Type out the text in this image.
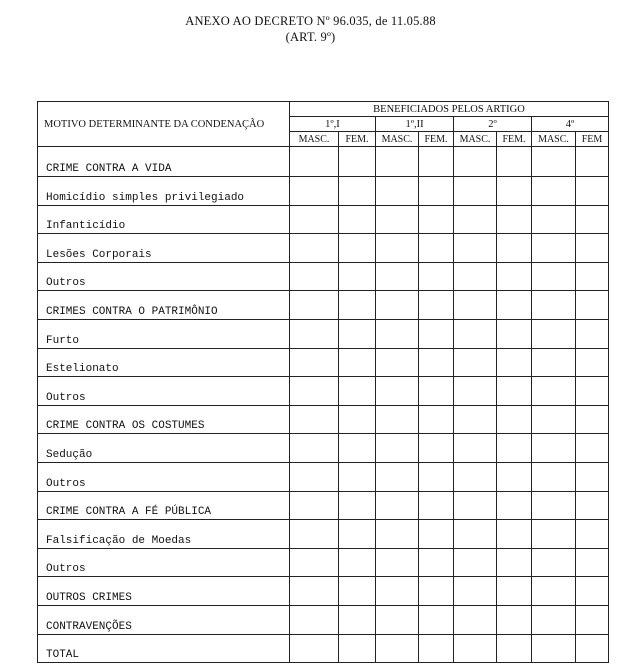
ANEXO AO DECRETO Nº 96.035, de 11.05.88
(ART. 9º)
MOTIVO DETERMINANTE DA CONDENAÇÃO	BENEFICIADOS PELOS ARTIGO							
	1º,I		1º,II		2º		4º	
	MASC.	FEM.	MASC.	FEM.	MASC.	FEM.	MASC.	FEM
CRIME CONTRA A VIDA								
Homicídio simples privilegiado								
Infanticídio								
Lesões Corporais								
Outros								
CRIMES CONTRA O PATRIMÔNIO								
Furto								
Estelionato								
Outros								
CRIME CONTRA OS COSTUMES								
Sedução								
Outros								
CRIME CONTRA A FÉ PÚBLICA								
Falsificação de Moedas								
Outros								
OUTROS CRIMES								
CONTRAVENÇÕES								
TOTAL								
